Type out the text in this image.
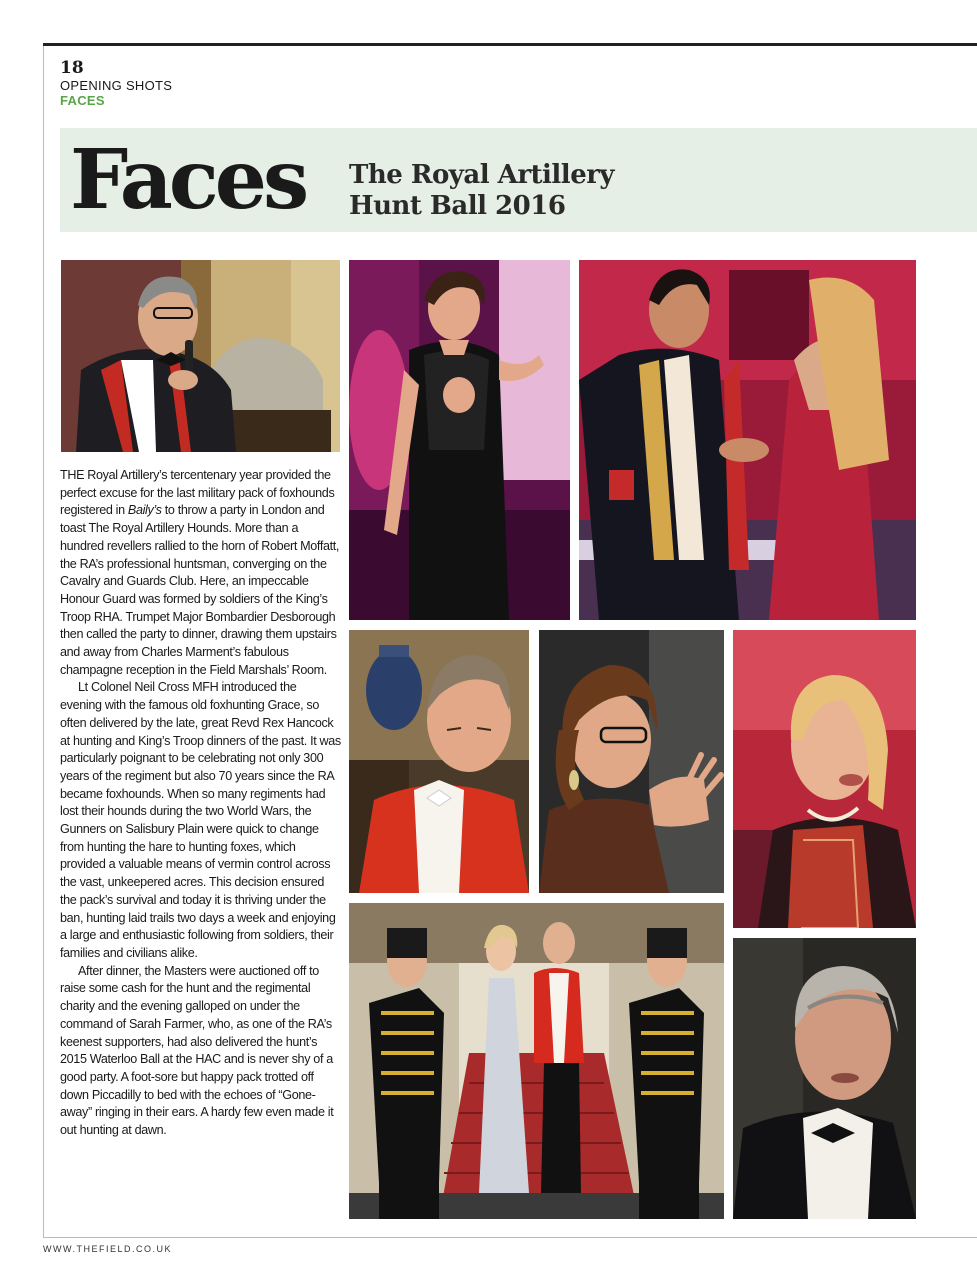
18
OPENING SHOTS
FACES
Faces The Royal Artillery
Hunt Ball 2016

THE Royal Artillery’s tercentenary year provided the perfect excuse for the last military pack of foxhounds registered in Baily’s to throw a party in London and toast The Royal Artillery Hounds. More than a hundred revellers rallied to the horn of Robert Moffatt, the RA’s professional huntsman, converging on the Cavalry and Guards Club. Here, an impeccable Honour Guard was formed by soldiers of the King’s Troop RHA. Trumpet Major Bombardier Desborough then called the party to dinner, drawing them upstairs and away from Charles Marment’s fabulous champagne reception in the Field Marshals’ Room.

Lt Colonel Neil Cross MFH introduced the evening with the famous old foxhunting Grace, so often delivered by the late, great Revd Rex Hancock at hunting and King’s Troop dinners of the past. It was particularly poignant to be celebrating not only 300 years of the regiment but also 70 years since the RA became foxhounds. When so many regiments had lost their hounds during the two World Wars, the Gunners on Salisbury Plain were quick to change from hunting the hare to hunting foxes, which provided a valuable means of vermin control across the vast, unkeepered acres. This decision ensured the pack’s survival and today it is thriving under the ban, hunting laid trails two days a week and enjoying a large and enthusiastic following from soldiers, their families and civilians alike.

After dinner, the Masters were auctioned off to raise some cash for the hunt and the regimental charity and the evening galloped on under the command of Sarah Farmer, who, as one of the RA’s keenest supporters, had also delivered the hunt’s 2015 Waterloo Ball at the HAC and is never shy of a good party. A foot-sore but happy pack trotted off down Piccadilly to bed with the echoes of “Gone-away” ringing in their ears. A hardy few even made it out hunting at dawn.

WWW.THEFIELD.CO.UK
